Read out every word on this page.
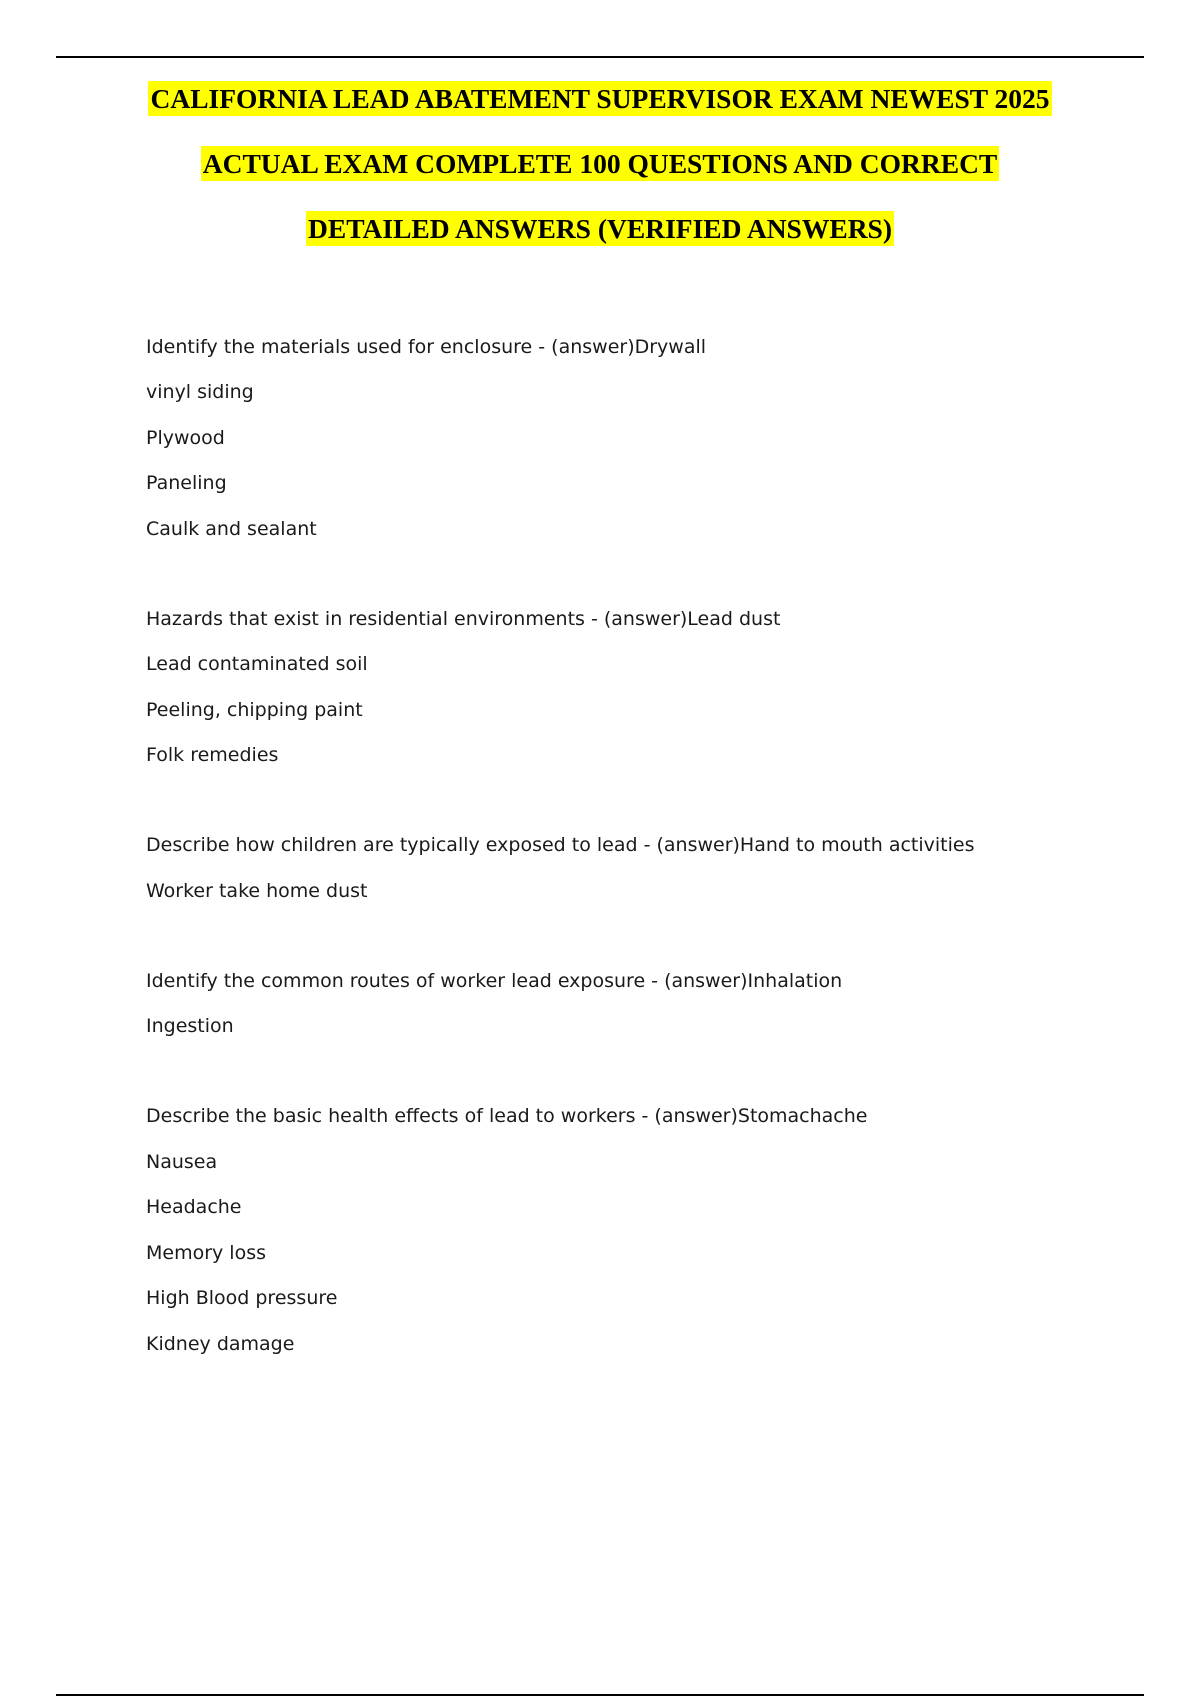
CALIFORNIA LEAD ABATEMENT SUPERVISOR EXAM NEWEST 2025

ACTUAL EXAM COMPLETE 100 QUESTIONS AND CORRECT

DETAILED ANSWERS (VERIFIED ANSWERS)

Identify the materials used for enclosure - (answer)Drywall
vinyl siding
Plywood
Paneling
Caulk and sealant
Hazards that exist in residential environments - (answer)Lead dust
Lead contaminated soil
Peeling, chipping paint
Folk remedies
Describe how children are typically exposed to lead - (answer)Hand to mouth activities
Worker take home dust
Identify the common routes of worker lead exposure - (answer)Inhalation
Ingestion
Describe the basic health effects of lead to workers - (answer)Stomachache
Nausea
Headache
Memory loss
High Blood pressure
Kidney damage
